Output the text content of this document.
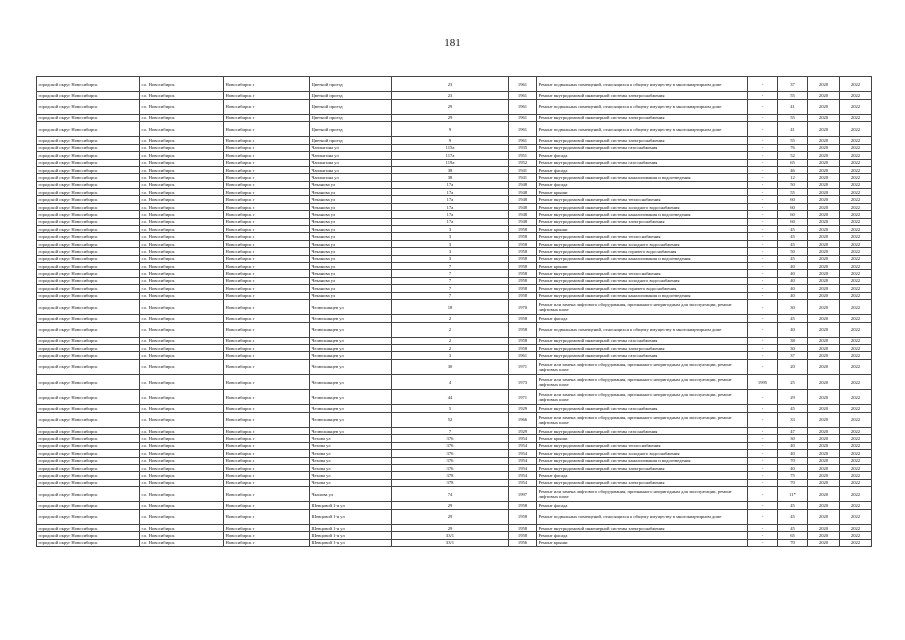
181
городской округ Новосибирск	г.о. Новосибирск	Новосибирск г	Цветной проезд	23	1961	Ремонт подвальных помещений, относящихся к общему имуществу в многоквартирном доме	-	37	2020	2022
городской округ Новосибирск	г.о. Новосибирск	Новосибирск г	Цветной проезд	23	1961	Ремонт внутридомовой инженерной системы электроснабжения	-	55	2020	2022
городской округ Новосибирск	г.о. Новосибирск	Новосибирск г	Цветной проезд	29	1961	Ремонт подвальных помещений, относящихся к общему имуществу в многоквартирном доме	-	41	2020	2022
городской округ Новосибирск	г.о. Новосибирск	Новосибирск г	Цветной проезд	29	1961	Ремонт внутридомовой инженерной системы электроснабжения	-	55	2020	2022
городской округ Новосибирск	г.о. Новосибирск	Новосибирск г	Цветной проезд	9	1961	Ремонт подвальных помещений, относящихся к общему имуществу в многоквартирном доме	-	41	2020	2022
городской округ Новосибирск	г.о. Новосибирск	Новосибирск г	Цветной проезд	9	1961	Ремонт внутридомовой инженерной системы электроснабжения	-	55	2020	2022
городской округ Новосибирск	г.о. Новосибирск	Новосибирск г	Чаплыгина ул	115а	1935	Ремонт внутридомовой инженерной системы газоснабжения	-	76	2020	2022
городской округ Новосибирск	г.о. Новосибирск	Новосибирск г	Чаплыгина ул	117а	1951	Ремонт фасада	-	52	2020	2022
городской округ Новосибирск	г.о. Новосибирск	Новосибирск г	Чаплыгина ул	119а	1952	Ремонт внутридомовой инженерной системы газоснабжения	-	65	2020	2022
городской округ Новосибирск	г.о. Новосибирск	Новосибирск г	Чаплыгина ул	38	1941	Ремонт фасада	-	46	2020	2022
городской округ Новосибирск	г.о. Новосибирск	Новосибирск г	Чаплыгина ул	38	1941	Ремонт внутридомовой инженерной системы канализования и водоотведения	-	12	2020	2022
городской округ Новосибирск	г.о. Новосибирск	Новосибирск г	Чеканова ул	17а	1948	Ремонт фасада	-	50	2020	2022
городской округ Новосибирск	г.о. Новосибирск	Новосибирск г	Чеканова ул	17а	1948	Ремонт крыши	-	55	2020	2022
городской округ Новосибирск	г.о. Новосибирск	Новосибирск г	Чеканова ул	17а	1948	Ремонт внутридомовой инженерной системы теплоснабжения	-	60	2020	2022
городской округ Новосибирск	г.о. Новосибирск	Новосибирск г	Чеканова ул	17а	1948	Ремонт внутридомовой инженерной системы холодного водоснабжения	-	60	2020	2022
городской округ Новосибирск	г.о. Новосибирск	Новосибирск г	Чеканова ул	17а	1948	Ремонт внутридомовой инженерной системы канализования и водоотведения	-	60	2020	2022
городской округ Новосибирск	г.о. Новосибирск	Новосибирск г	Чеканова ул	17а	1948	Ремонт внутридомовой инженерной системы электроснабжения	-	60	2020	2022
городской округ Новосибирск	г.о. Новосибирск	Новосибирск г	Чеканова ул	3	1958	Ремонт крыши	-	45	2020	2022
городской округ Новосибирск	г.о. Новосибирск	Новосибирск г	Чеканова ул	3	1958	Ремонт внутридомовой инженерной системы теплоснабжения	-	45	2020	2022
городской округ Новосибирск	г.о. Новосибирск	Новосибирск г	Чеканова ул	3	1958	Ремонт внутридомовой инженерной системы холодного водоснабжения	-	45	2020	2022
городской округ Новосибирск	г.о. Новосибирск	Новосибирск г	Чеканова ул	3	1958	Ремонт внутридомовой инженерной системы горячего водоснабжения	-	50	2020	2022
городской округ Новосибирск	г.о. Новосибирск	Новосибирск г	Чеканова ул	3	1958	Ремонт внутридомовой инженерной системы канализования и водоотведения	-	45	2020	2022
городской округ Новосибирск	г.о. Новосибирск	Новосибирск г	Чеканова ул	7	1958	Ремонт крыши	-	40	2020	2022
городской округ Новосибирск	г.о. Новосибирск	Новосибирск г	Чеканова ул	7	1958	Ремонт внутридомовой инженерной системы теплоснабжения	-	40	2020	2022
городской округ Новосибирск	г.о. Новосибирск	Новосибирск г	Чеканова ул	7	1958	Ремонт внутридомовой инженерной системы холодного водоснабжения	-	40	2020	2022
городской округ Новосибирск	г.о. Новосибирск	Новосибирск г	Чеканова ул	7	1958	Ремонт внутридомовой инженерной системы горячего водоснабжения	-	40	2020	2022
городской округ Новосибирск	г.о. Новосибирск	Новосибирск г	Чеканова ул	7	1958	Ремонт внутридомовой инженерной системы канализования и водоотведения	-	40	2020	2022
городской округ Новосибирск	г.о. Новосибирск	Новосибирск г	Челюскинцев ул	18	1970	Ремонт или замена лифтового оборудования, признанного непригодным для эксплуатации, ремонт лифтовых шахт	-	30	2020	2022
городской округ Новосибирск	г.о. Новосибирск	Новосибирск г	Челюскинцев ул	2	1958	Ремонт фасада	-	45	2020	2022
городской округ Новосибирск	г.о. Новосибирск	Новосибирск г	Челюскинцев ул	2	1958	Ремонт подвальных помещений, относящихся к общему имуществу в многоквартирном доме	-	40	2020	2022
городской округ Новосибирск	г.о. Новосибирск	Новосибирск г	Челюскинцев ул	2	1958	Ремонт внутридомовой инженерной системы газоснабжения	-	38	2020	2022
городской округ Новосибирск	г.о. Новосибирск	Новосибирск г	Челюскинцев ул	2	1958	Ремонт внутридомовой инженерной системы электроснабжения	-	30	2020	2022
городской округ Новосибирск	г.о. Новосибирск	Новосибирск г	Челюскинцев ул	3	1961	Ремонт внутридомовой инженерной системы газоснабжения	-	37	2020	2022
городской округ Новосибирск	г.о. Новосибирск	Новосибирск г	Челюскинцев ул	30	1971	Ремонт или замена лифтового оборудования, признанного непригодным для эксплуатации, ремонт лифтовых шахт	-	20	2020	2022
городской округ Новосибирск	г.о. Новосибирск	Новосибирск г	Челюскинцев ул	4	1973	Ремонт или замена лифтового оборудования, признанного непригодным для эксплуатации, ремонт лифтовых шахт	1995	25	2020	2022
городской округ Новосибирск	г.о. Новосибирск	Новосибирск г	Челюскинцев ул	44	1971	Ремонт или замена лифтового оборудования, признанного непригодным для эксплуатации, ремонт лифтовых шахт	-	29	2020	2022
городской округ Новосибирск	г.о. Новосибирск	Новосибирск г	Челюскинцев ул	5	1929	Ремонт внутридомовой инженерной системы газоснабжения	-	45	2020	2022
городской округ Новосибирск	г.о. Новосибирск	Новосибирск г	Челюскинцев ул	52	1966	Ремонт или замена лифтового оборудования, признанного непригодным для эксплуатации, ремонт лифтовых шахт	-	33	2020	2022
городской округ Новосибирск	г.о. Новосибирск	Новосибирск г	Челюскинцев ул	7	1929	Ремонт внутридомовой инженерной системы газоснабжения	-	47	2020	2022
городской округ Новосибирск	г.о. Новосибирск	Новосибирск г	Чехова ул	376	1954	Ремонт крыши	-	30	2020	2022
городской округ Новосибирск	г.о. Новосибирск	Новосибирск г	Чехова ул	376	1954	Ремонт внутридомовой инженерной системы теплоснабжения	-	40	2020	2022
городской округ Новосибирск	г.о. Новосибирск	Новосибирск г	Чехова ул	376	1954	Ремонт внутридомовой инженерной системы холодного водоснабжения	-	40	2020	2022
городской округ Новосибирск	г.о. Новосибирск	Новосибирск г	Чехова ул	376	1954	Ремонт внутридомовой инженерной системы канализования и водоотведения	-	70	2020	2022
городской округ Новосибирск	г.о. Новосибирск	Новосибирск г	Чехова ул	376	1954	Ремонт внутридомовой инженерной системы электроснабжения	-	40	2020	2022
городской округ Новосибирск	г.о. Новосибирск	Новосибирск г	Чехова ул	378	1954	Ремонт фасада	-	75	2020	2022
городской округ Новосибирск	г.о. Новосибирск	Новосибирск г	Чехова ул	378	1954	Ремонт внутридомовой инженерной системы электроснабжения	-	70	2020	2022
городской округ Новосибирск	г.о. Новосибирск	Новосибирск г	Чкалова ул	74	1997	Ремонт или замена лифтового оборудования, признанного непригодным для эксплуатации, ремонт лифтовых шахт	-	11*	2020	2022
городской округ Новосибирск	г.о. Новосибирск	Новосибирск г	Шевцовой 1-я ул	29	1958	Ремонт фасада	-	45	2020	2022
городской округ Новосибирск	г.о. Новосибирск	Новосибирск г	Шевцовой 1-я ул	29	1958	Ремонт подвальных помещений, относящихся к общему имуществу в многоквартирном доме	-	45	2020	2022
городской округ Новосибирск	г.о. Новосибирск	Новосибирск г	Шевцовой 1-я ул	29	1958	Ремонт внутридомовой инженерной системы электроснабжения	-	45	2020	2022
городской округ Новосибирск	г.о. Новосибирск	Новосибирск г	Шевцовой 1-я ул	33/1	1958	Ремонт фасада	-	65	2020	2022
городской округ Новосибирск	г.о. Новосибирск	Новосибирск г	Шевцовой 1-я ул	33/1	1956	Ремонт крыши	-	70	2020	2022
